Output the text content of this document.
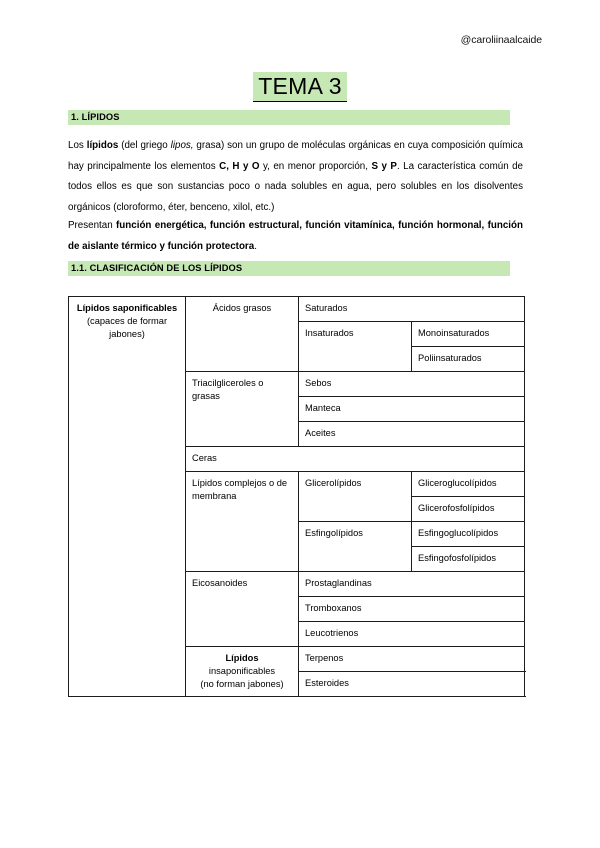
@caroliinaalcaide
TEMA 3
1. LÍPIDOS
Los lípidos (del griego lipos, grasa) son un grupo de moléculas orgánicas en cuya composición química hay principalmente los elementos C, H y O y, en menor proporción, S y P. La característica común de todos ellos es que son sustancias poco o nada solubles en agua, pero solubles en los disolventes orgánicos (cloroformo, éter, benceno, xilol, etc.)
Presentan función energética, función estructural, función vitamínica, función hormonal, función de aislante térmico y función protectora.
1.1. CLASIFICACIÓN DE LOS LÍPIDOS
Lípidos saponificables
(capaces de formar
jabones)	Ácidos grasos	Saturados	
		Insaturados	Monoinsaturados
			Poliinsaturados
	Triacilgliceroles o grasas	Sebos	
		Manteca	
		Aceites	
	Ceras		
	Lípidos complejos o de membrana	Glicerolípidos	Gliceroglucolípidos
			Glicerofosfolípidos
		Esfingolípidos	Esfingoglucolípidos
			Esfingofosfolípidos
	Eicosanoides	Prostaglandinas	
		Tromboxanos	
		Leucotrienos	
	Lípidos
insaponificables
(no forman jabones)	Terpenos	
		Esteroides	
